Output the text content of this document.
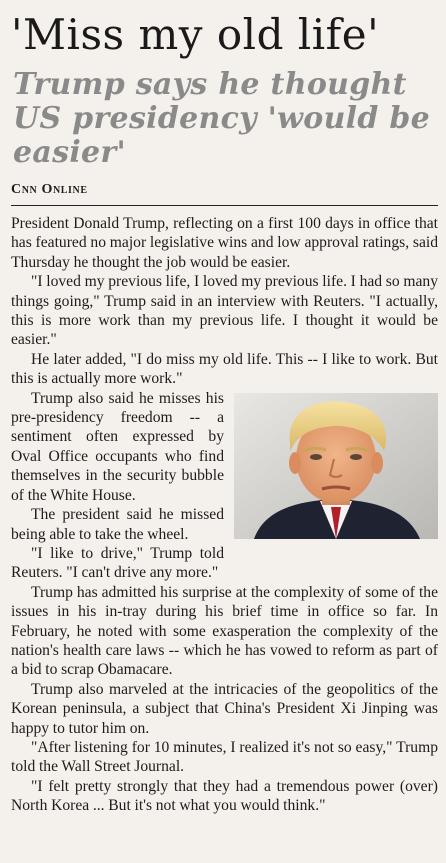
'Miss my old life'
Trump says he thought US presidency 'would be easier'
Cnn Online

President Donald Trump, reflecting on a first 100 days in office that has featured no major legislative wins and low approval ratings, said Thursday he thought the job would be easier.

"I loved my previous life, I loved my previous life. I had so many things going," Trump said in an interview with Reuters. "I actually, this is more work than my previous life. I thought it would be easier."

He later added, "I do miss my old life. This -- I like to work. But this is actually more work."

Trump also said he misses his pre-presidency freedom -- a sentiment often expressed by Oval Office occupants who find themselves in the security bubble of the White House.

The president said he missed being able to take the wheel.

"I like to drive," Trump told Reuters. "I can't drive any more."

Trump has admitted his surprise at the complexity of some of the issues in his in-tray during his brief time in office so far. In February, he noted with some exasperation the complexity of the nation's health care laws -- which he has vowed to reform as part of a bid to scrap Obamacare.

Trump also marveled at the intricacies of the geopolitics of the Korean peninsula, a subject that China's President Xi Jinping was happy to tutor him on.

"After listening for 10 minutes, I realized it's not so easy," Trump told the Wall Street Journal.

"I felt pretty strongly that they had a tremendous power (over) North Korea ... But it's not what you would think."
